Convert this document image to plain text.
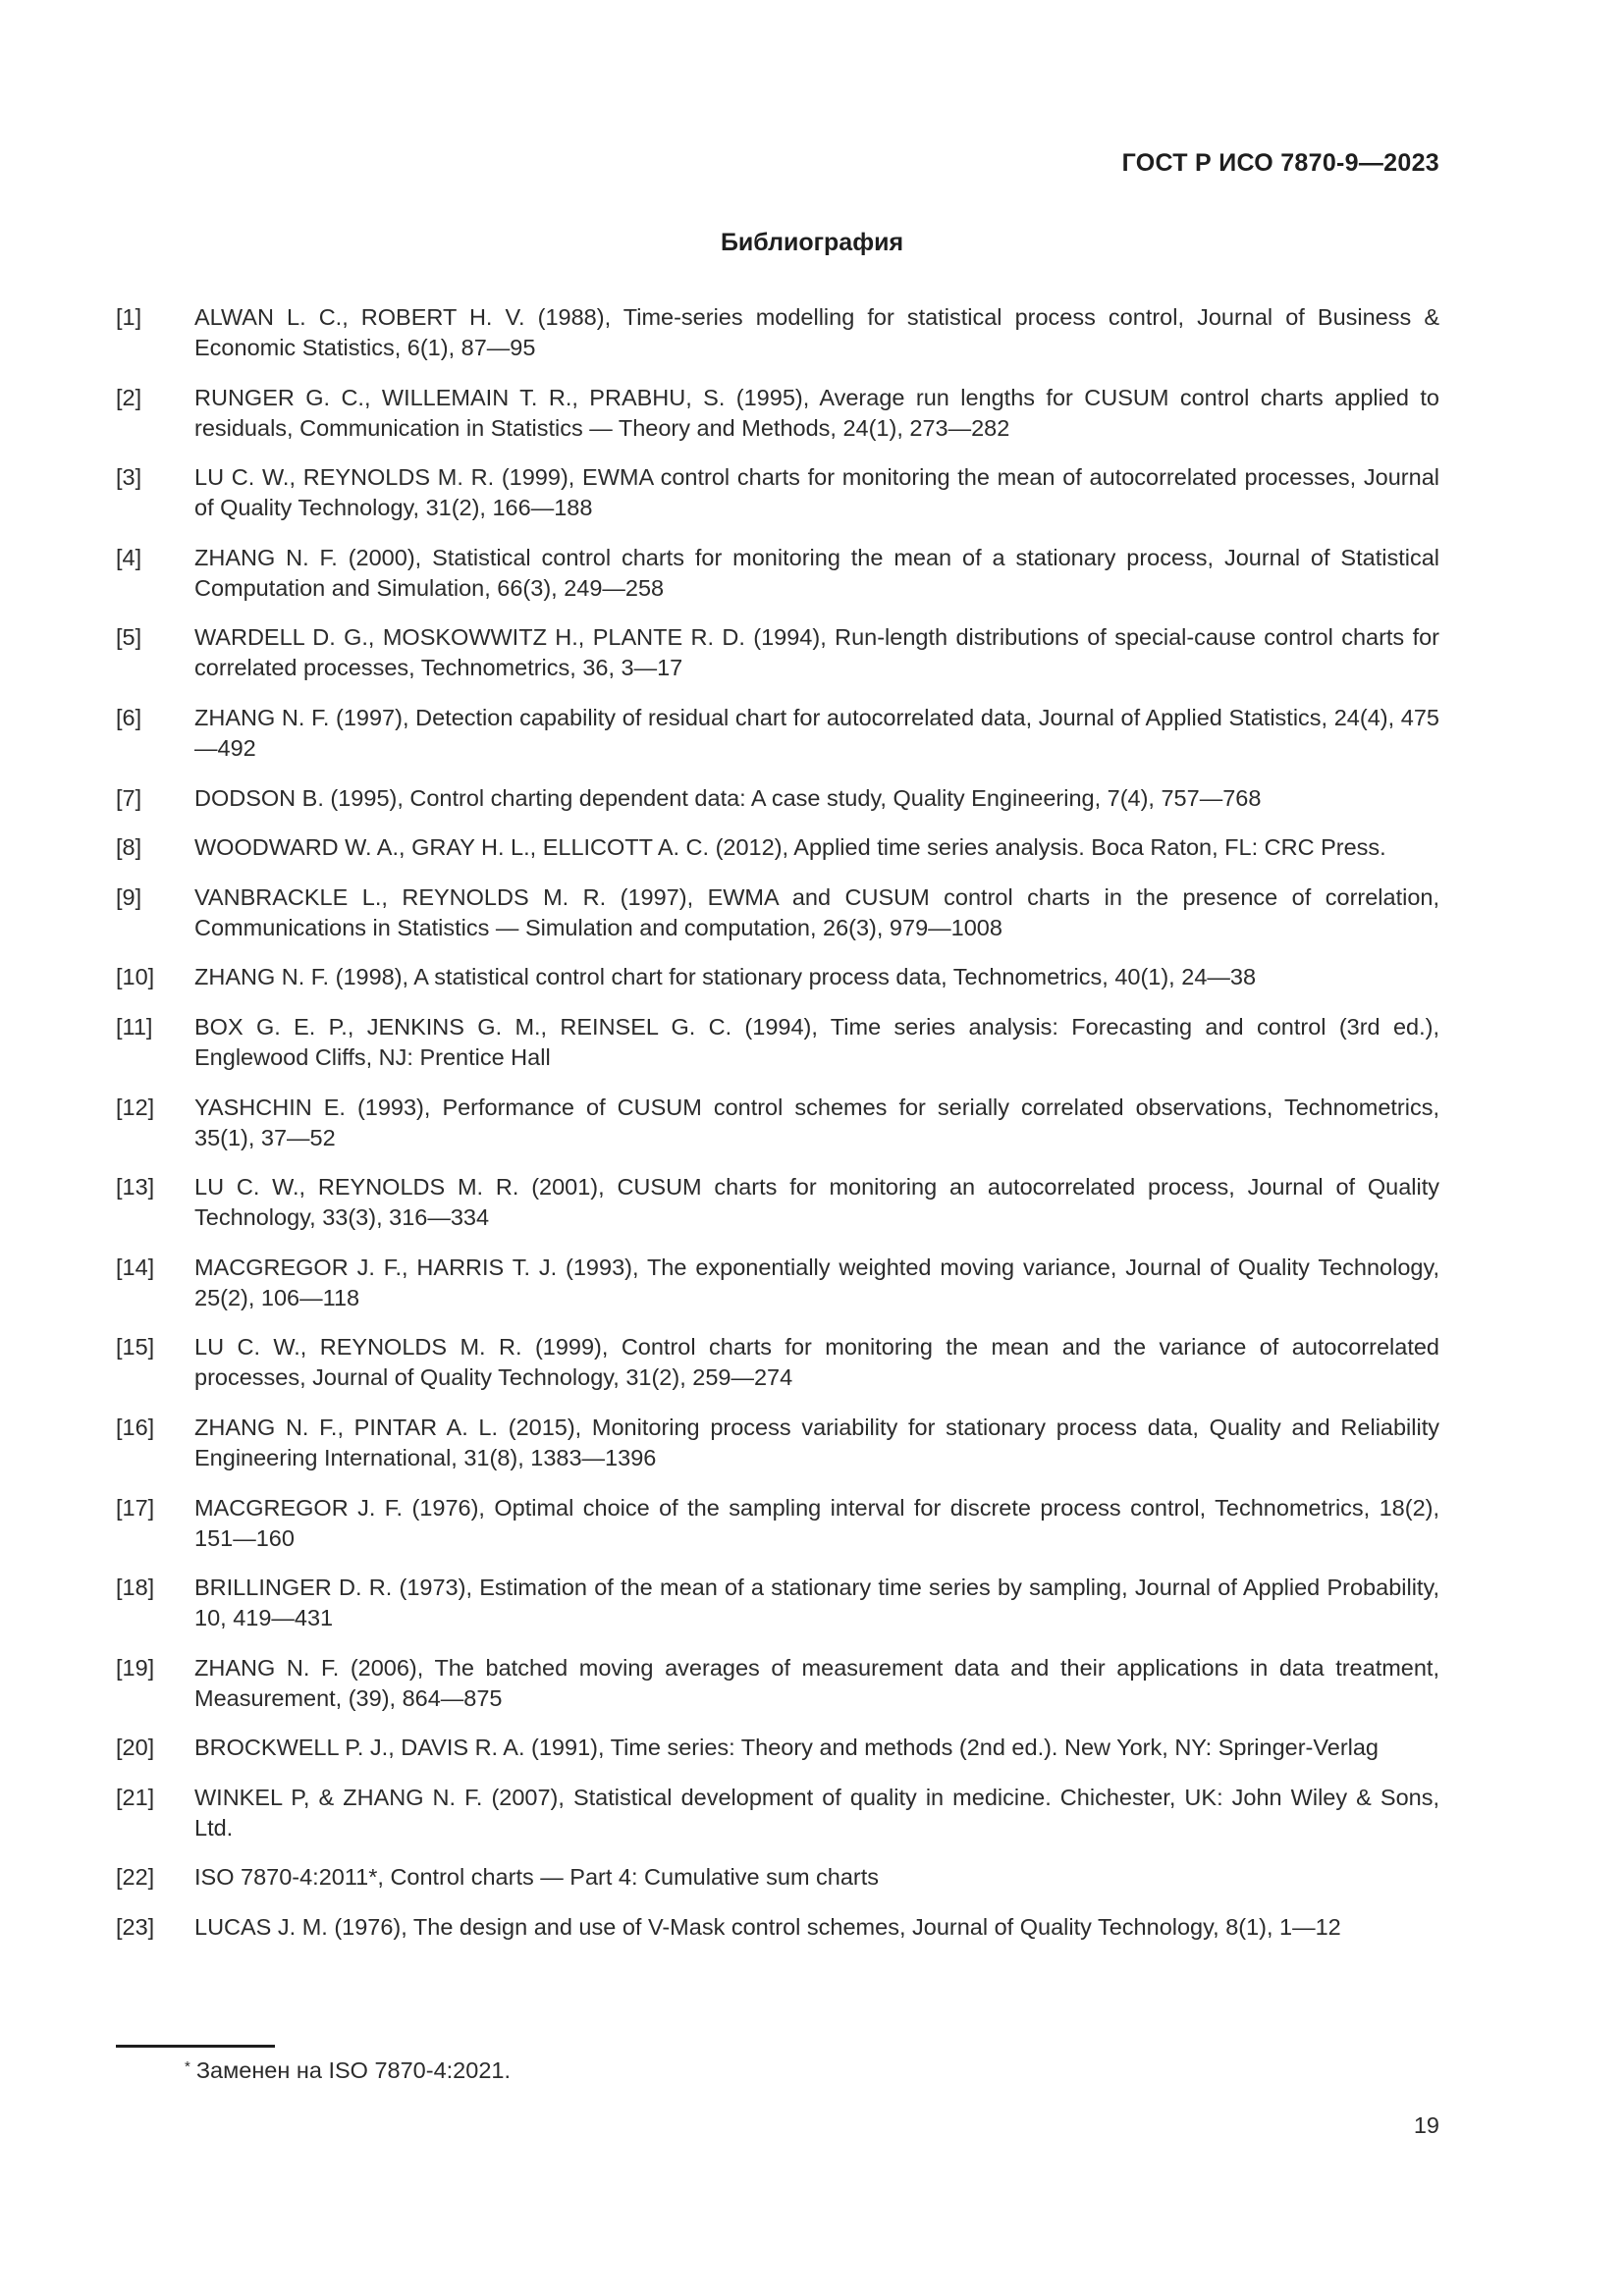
ГОСТ Р ИСО 7870-9—2023
Библиография
[1]	ALWAN L. C., ROBERT H. V. (1988), Time-series modelling for statistical process control, Journal of Business & Economic Statistics, 6(1), 87—95
[2]	RUNGER G. C., WILLEMAIN T. R., PRABHU, S. (1995), Average run lengths for CUSUM control charts applied to residuals, Communication in Statistics — Theory and Methods, 24(1), 273—282
[3]	LU C. W., REYNOLDS M. R. (1999), EWMA control charts for monitoring the mean of autocorrelated processes, Journal of Quality Technology, 31(2), 166—188
[4]	ZHANG N. F. (2000), Statistical control charts for monitoring the mean of a stationary process, Journal of Statistical Computation and Simulation, 66(3), 249—258
[5]	WARDELL D. G., MOSKOWWITZ H., PLANTE R. D. (1994), Run-length distributions of special-cause control charts for correlated processes, Technometrics, 36, 3—17
[6]	ZHANG N. F. (1997), Detection capability of residual chart for autocorrelated data, Journal of Applied Statistics, 24(4), 475—492
[7]	DODSON B. (1995), Control charting dependent data: A case study, Quality Engineering, 7(4), 757—768
[8]	WOODWARD W. A., GRAY H. L., ELLICOTT A. C. (2012), Applied time series analysis. Boca Raton, FL: CRC Press.
[9]	VANBRACKLE L., REYNOLDS M. R. (1997), EWMA and CUSUM control charts in the presence of correlation, Communications in Statistics — Simulation and computation, 26(3), 979—1008
[10]	ZHANG N. F. (1998), A statistical control chart for stationary process data, Technometrics, 40(1), 24—38
[11]	BOX G. E. P., JENKINS G. M., REINSEL G. C. (1994), Time series analysis: Forecasting and control (3rd ed.), Englewood Cliffs, NJ: Prentice Hall
[12]	YASHCHIN E. (1993), Performance of CUSUM control schemes for serially correlated observations, Technometrics, 35(1), 37—52
[13]	LU C. W., REYNOLDS M. R. (2001), CUSUM charts for monitoring an autocorrelated process, Journal of Quality Technology, 33(3), 316—334
[14]	MACGREGOR J. F., HARRIS T. J. (1993), The exponentially weighted moving variance, Journal of Quality Technology, 25(2), 106—118
[15]	LU C. W., REYNOLDS M. R. (1999), Control charts for monitoring the mean and the variance of autocorrelated processes, Journal of Quality Technology, 31(2), 259—274
[16]	ZHANG N. F., PINTAR A. L. (2015), Monitoring process variability for stationary process data, Quality and Reliability Engineering International, 31(8), 1383—1396
[17]	MACGREGOR J. F. (1976), Optimal choice of the sampling interval for discrete process control, Technometrics, 18(2), 151—160
[18]	BRILLINGER D. R. (1973), Estimation of the mean of a stationary time series by sampling, Journal of Applied Probability, 10, 419—431
[19]	ZHANG N. F. (2006), The batched moving averages of measurement data and their applications in data treatment, Measurement, (39), 864—875
[20]	BROCKWELL P. J., DAVIS R. A. (1991), Time series: Theory and methods (2nd ed.). New York, NY: Springer-Verlag
[21]	WINKEL P, & ZHANG N. F. (2007), Statistical development of quality in medicine. Chichester, UK: John Wiley & Sons, Ltd.
[22]	ISO 7870-4:2011*, Control charts — Part 4: Cumulative sum charts
[23]	LUCAS J. M. (1976), The design and use of V-Mask control schemes, Journal of Quality Technology, 8(1), 1—12
* Заменен на ISO 7870-4:2021.
19
